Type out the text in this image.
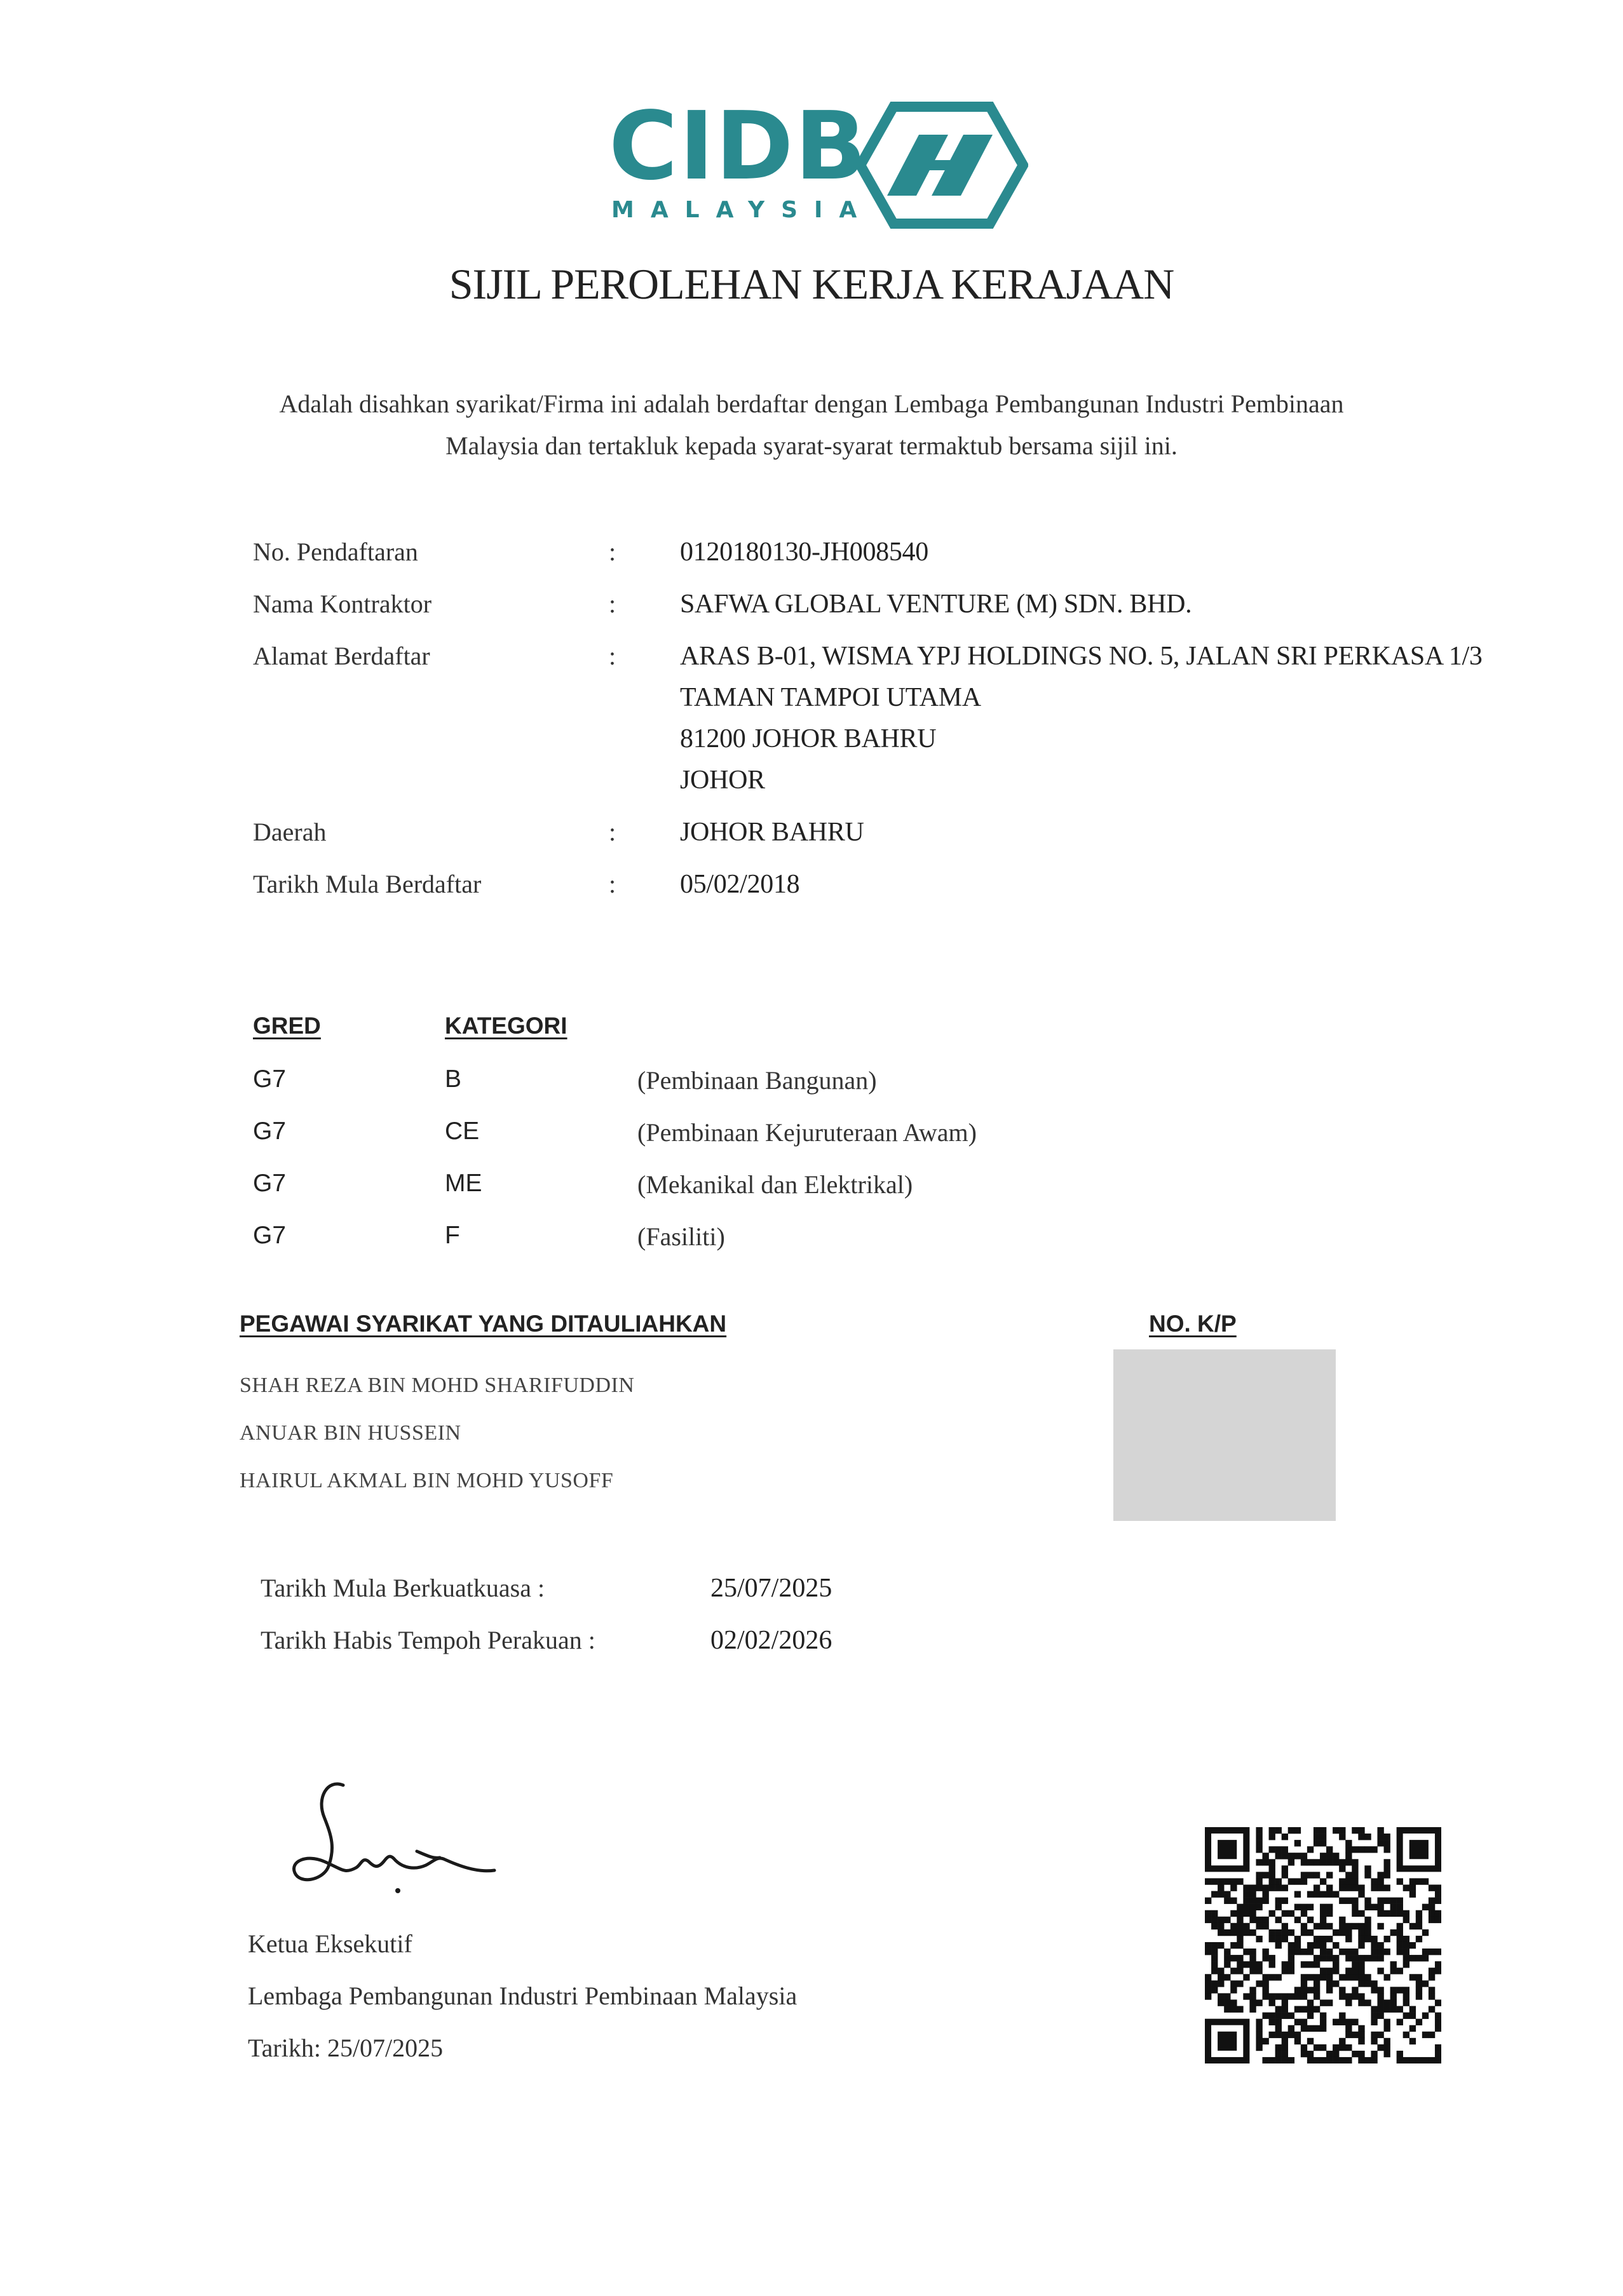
CIDB
MALAYSIA
SIJIL PEROLEHAN KERJA KERAJAAN
Adalah disahkan syarikat/Firma ini adalah berdaftar dengan Lembaga Pembangunan Industri Pembinaan
Malaysia dan tertakluk kepada syarat-syarat termaktub bersama sijil ini.
No. Pendaftaran	: 0120180130-JH008540
Nama Kontraktor	: SAFWA GLOBAL VENTURE (M) SDN. BHD.
Alamat Berdaftar	: ARAS B-01, WISMA YPJ HOLDINGS NO. 5, JALAN SRI PERKASA 1/3
TAMAN TAMPOI UTAMA
81200 JOHOR BAHRU
JOHOR
Daerah	: JOHOR BAHRU
Tarikh Mula Berdaftar	: 05/02/2018
GRED	KATEGORI
G7	B	(Pembinaan Bangunan)
G7	CE	(Pembinaan Kejuruteraan Awam)
G7	ME	(Mekanikal dan Elektrikal)
G7	F	(Fasiliti)
PEGAWAI SYARIKAT YANG DITAULIAHKAN	NO. K/P
SHAH REZA BIN MOHD SHARIFUDDIN
ANUAR BIN HUSSEIN
HAIRUL AKMAL BIN MOHD YUSOFF
Tarikh Mula Berkuatkuasa :	25/07/2025
Tarikh Habis Tempoh Perakuan :	02/02/2026
Ketua Eksekutif
Lembaga Pembangunan Industri Pembinaan Malaysia
Tarikh: 25/07/2025
